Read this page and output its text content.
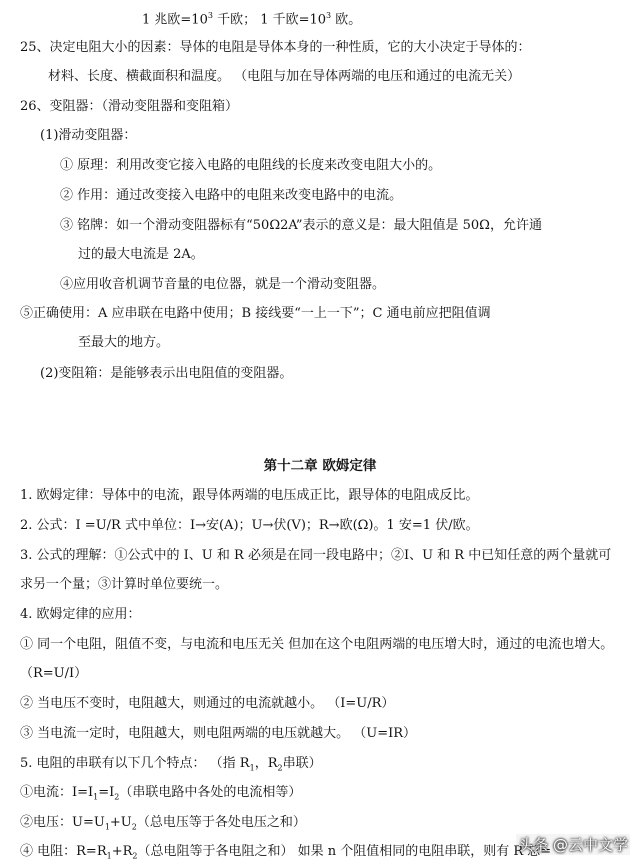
1 兆欧$=10^3$ 千欧； 1 千欧$=10^3$ 欧。
25、决定电阻大小的因素：导体的电阻是导体本身的一种性质，它的大小决定于导体的：
材料、长度、横截面积和温度。 （电阻与加在导体两端的电压和通过的电流无关）
26、变阻器：（滑动变阻器和变阻箱）
(1)滑动变阻器：
① 原理：利用改变它接入电路的电阻线的长度来改变电阻大小的。
② 作用：通过改变接入电路中的电阻来改变电路中的电流。
③ 铭牌：如一个滑动变阻器标有“50Ω2A”表示的意义是：最大阻值是 50Ω，允许通
过的最大电流是 2A。
④应用收音机调节音量的电位器，就是一个滑动变阻器。
⑤正确使用：A 应串联在电路中使用；B 接线要“一上一下”；C 通电前应把阻值调
至最大的地方。
(2)变阻箱：是能够表示出电阻值的变阻器。
第十二章 欧姆定律
1. 欧姆定律：导体中的电流，跟导体两端的电压成正比，跟导体的电阻成反比。
2. 公式：I =U/R 式中单位：I→安(A)；U→伏(V)；R→欧(Ω)。1 安=1 伏/欧。
3. 公式的理解：①公式中的 I、U 和 R 必须是在同一段电路中；②I、U 和 R 中已知任意的两个量就可
求另一个量；③计算时单位要统一。
4. 欧姆定律的应用：
① 同一个电阻，阻值不变，与电流和电压无关 但加在这个电阻两端的电压增大时，通过的电流也增大。
（R=U/I）
② 当电压不变时，电阻越大，则通过的电流就越小。 （I=U/R）
③ 当电流一定时，电阻越大，则电阻两端的电压就越大。 （U=IR）
5. 电阻的串联有以下几个特点： （指 $R_1$，$R_2$串联）
①电流：$I=I_1=I_2$（串联电路中各处的电流相等）
②电压：$U=U_1+U_2$（总电压等于各处电压之和）
④ 电阻：$R=R_1+R_2$（总电阻等于各电阻之和） 如果 n 个阻值相同的电阻串联，则有 R 总=
头条 @云中文学
